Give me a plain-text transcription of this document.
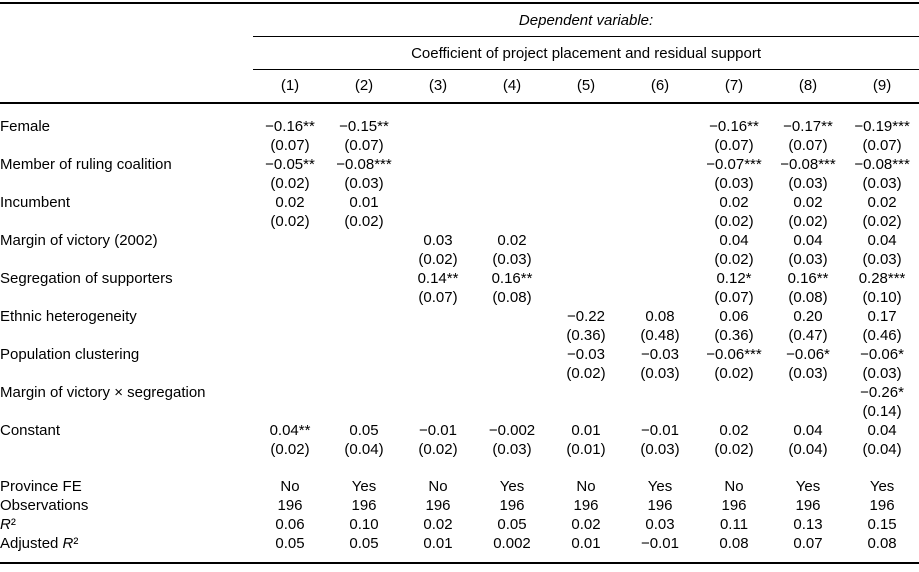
	Dependent variable:								
	Coefficient of project placement and residual support								
	(1)	(2)	(3)	(4)	(5)	(6)	(7)	(8)	(9)
Female	−0.16**	−0.15**					−0.16**	−0.17**	−0.19***
	(0.07)	(0.07)					(0.07)	(0.07)	(0.07)
Member of ruling coalition	−0.05**	−0.08***					−0.07***	−0.08***	−0.08***
	(0.02)	(0.03)					(0.03)	(0.03)	(0.03)
Incumbent	0.02	0.01					0.02	0.02	0.02
	(0.02)	(0.02)					(0.02)	(0.02)	(0.02)
Margin of victory (2002)			0.03	0.02			0.04	0.04	0.04
			(0.02)	(0.03)			(0.02)	(0.03)	(0.03)
Segregation of supporters			0.14**	0.16**			0.12*	0.16**	0.28***
			(0.07)	(0.08)			(0.07)	(0.08)	(0.10)
Ethnic heterogeneity					−0.22	0.08	0.06	0.20	0.17
					(0.36)	(0.48)	(0.36)	(0.47)	(0.46)
Population clustering					−0.03	−0.03	−0.06***	−0.06*	−0.06*
					(0.02)	(0.03)	(0.02)	(0.03)	(0.03)
Margin of victory × segregation									−0.26*
									(0.14)
Constant	0.04**	0.05	−0.01	−0.002	0.01	−0.01	0.02	0.04	0.04
	(0.02)	(0.04)	(0.02)	(0.03)	(0.01)	(0.03)	(0.02)	(0.04)	(0.04)
Province FE	No	Yes	No	Yes	No	Yes	No	Yes	Yes
Observations	196	196	196	196	196	196	196	196	196
R²	0.06	0.10	0.02	0.05	0.02	0.03	0.11	0.13	0.15
Adjusted R²	0.05	0.05	0.01	0.002	0.01	−0.01	0.08	0.07	0.08
